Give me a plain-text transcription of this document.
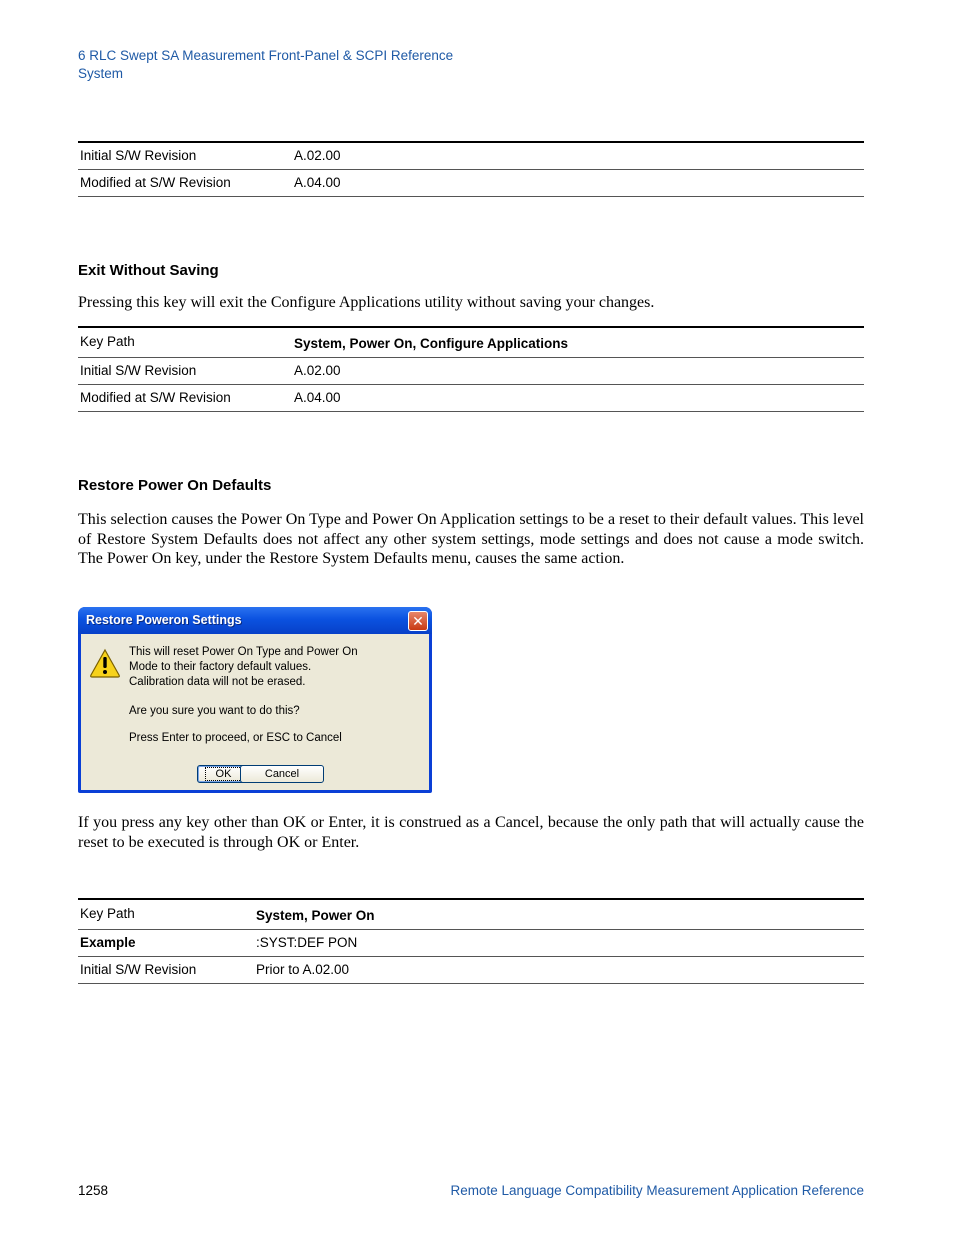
6 RLC Swept SA Measurement Front-Panel & SCPI Reference
System
Initial S/W Revision	A.02.00
Modified at S/W Revision	A.04.00
Exit Without Saving
Pressing this key will exit the Configure Applications utility without saving your changes.
Key Path	System, Power On, Configure Applications
Initial S/W Revision	A.02.00
Modified at S/W Revision	A.04.00
Restore Power On Defaults
This selection causes the Power On Type and Power On Application settings to be a reset to their default values. This level of Restore System Defaults does not affect any other system settings, mode settings and does not cause a mode switch. The Power On key, under the Restore System Defaults menu, causes the same action.
Restore Poweron Settings	✕
This will reset Power On Type and Power On
Mode to their factory default values.
Calibration data will not be erased.
Are you sure you want to do this?
Press Enter to proceed, or ESC to Cancel
OK	Cancel
If you press any key other than OK or Enter, it is construed as a Cancel, because the only path that will actually cause the reset to be executed is through OK or Enter.
Key Path	System, Power On
Example	:SYST:DEF PON
Initial S/W Revision	Prior to A.02.00
1258	Remote Language Compatibility Measurement Application Reference
